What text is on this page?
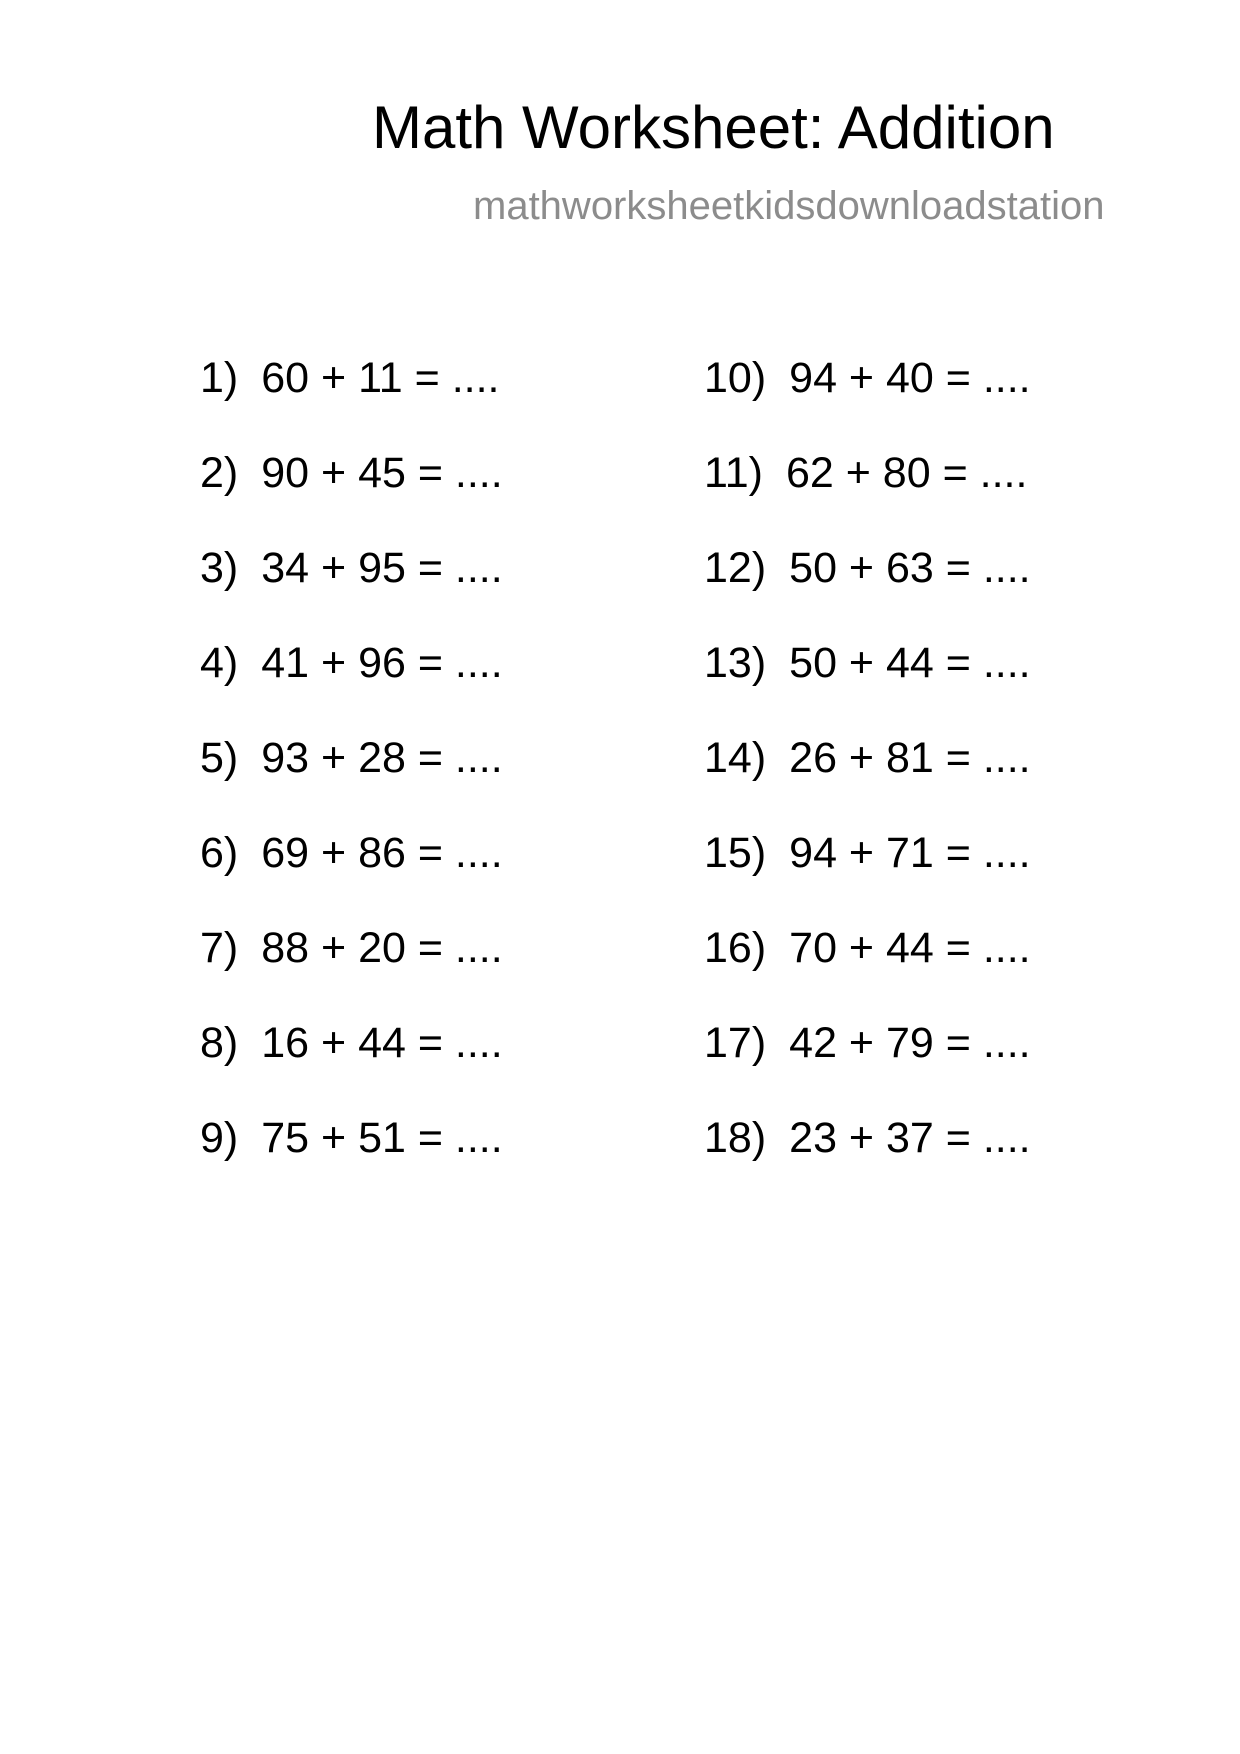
Math Worksheet: Addition
mathworksheetkidsdownloadstation
1) 60 + 11 = ....
2) 90 + 45 = ....
3) 34 + 95 = ....
4) 41 + 96 = ....
5) 93 + 28 = ....
6) 69 + 86 = ....
7) 88 + 20 = ....
8) 16 + 44 = ....
9) 75 + 51 = ....
10) 94 + 40 = ....
11) 62 + 80 = ....
12) 50 + 63 = ....
13) 50 + 44 = ....
14) 26 + 81 = ....
15) 94 + 71 = ....
16) 70 + 44 = ....
17) 42 + 79 = ....
18) 23 + 37 = ....
